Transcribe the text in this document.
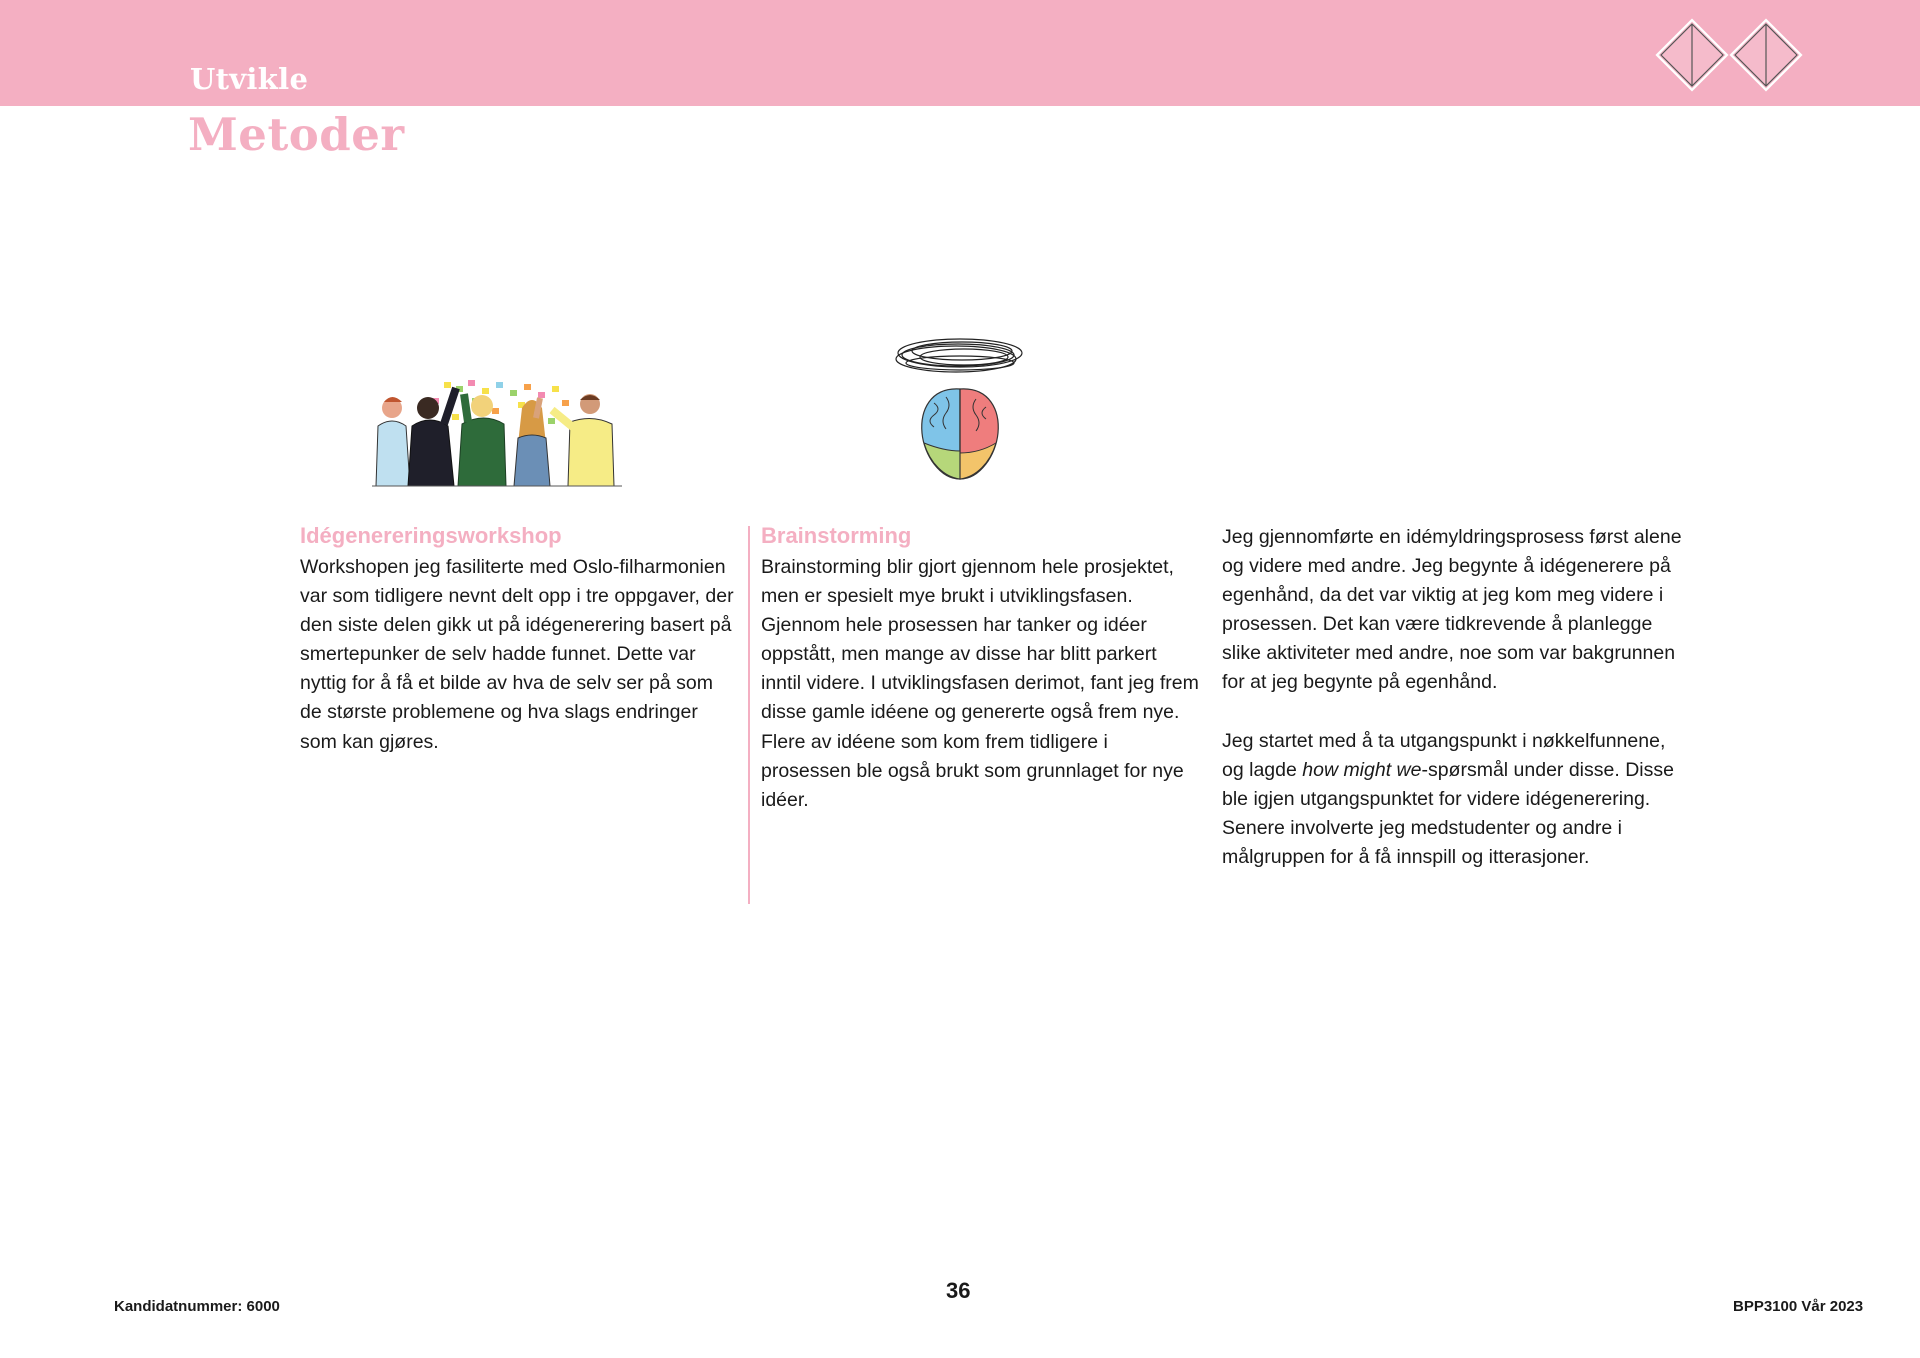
Utvikle
Metoder
Idégenereringsworkshop

Workshopen jeg fasiliterte med Oslo-filharmonien var som tidligere nevnt delt opp i tre oppgaver, der den siste delen gikk ut på idégenerering basert på smertepunker de selv hadde funnet. Dette var nyttig for å få et bilde av hva de selv ser på som de største problemene og hva slags endringer som kan gjøres.

Brainstorming

Brainstorming blir gjort gjennom hele prosjektet, men er spesielt mye brukt i utviklingsfasen. Gjennom hele prosessen har tanker og idéer oppstått, men mange av disse har blitt parkert inntil videre. I utviklingsfasen derimot, fant jeg frem disse gamle idéene og genererte også frem nye. Flere av idéene som kom frem tidligere i prosessen ble også brukt som grunnlaget for nye idéer.

Jeg gjennomførte en idémyldringsprosess først alene og videre med andre. Jeg begynte å idégenerere på egenhånd, da det var viktig at jeg kom meg videre i prosessen. Det kan være tidkrevende å planlegge slike aktiviteter med andre, noe som var bakgrunnen for at jeg begynte på egenhånd.

Jeg startet med å ta utgangspunkt i nøkkelfunnene, og lagde how might we-spørsmål under disse. Disse ble igjen utgangspunktet for videre idégenerering. Senere involverte jeg medstudenter og andre i målgruppen for å få innspill og itterasjoner.

Kandidatnummer: 6000
36
BPP3100 Vår 2023
